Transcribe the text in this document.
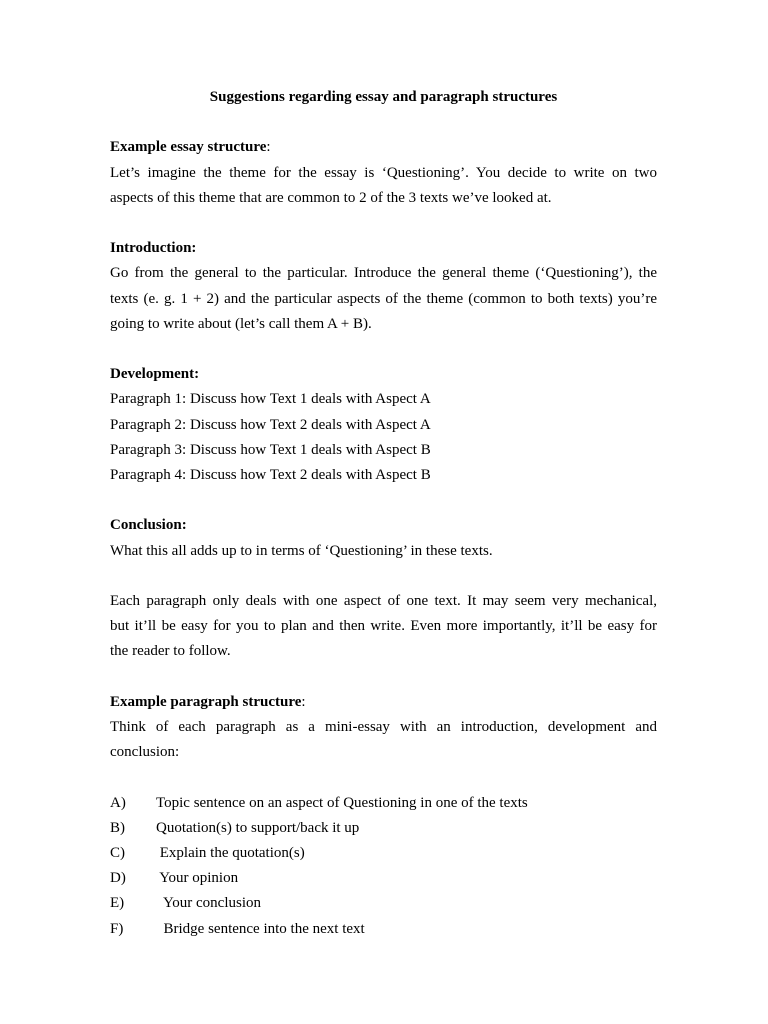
Suggestions regarding essay and paragraph structures
Example essay structure:
Let’s imagine the theme for the essay is ‘Questioning’. You decide to write on two
aspects of this theme that are common to 2 of the 3 texts we’ve looked at.
Introduction:
Go from the general to the particular. Introduce the general theme (‘Questioning’), the
texts (e. g. 1 + 2) and the particular aspects of the theme (common to both texts) you’re
going to write about (let’s call them A + B).
Development:
Paragraph 1: Discuss how Text 1 deals with Aspect A
Paragraph 2: Discuss how Text 2 deals with Aspect A
Paragraph 3: Discuss how Text 1 deals with Aspect B
Paragraph 4: Discuss how Text 2 deals with Aspect B
Conclusion:
What this all adds up to in terms of ‘Questioning’ in these texts.
Each paragraph only deals with one aspect of one text. It may seem very mechanical,
but it’ll be easy for you to plan and then write. Even more importantly, it’ll be easy for
the reader to follow.
Example paragraph structure:
Think of each paragraph as a mini-essay with an introduction, development and
conclusion:
A)	Topic sentence on an aspect of Questioning in one of the texts
B)	Quotation(s) to support/back it up
C)	Explain the quotation(s)
D)	Your opinion
E)	Your conclusion
F)	Bridge sentence into the next text
